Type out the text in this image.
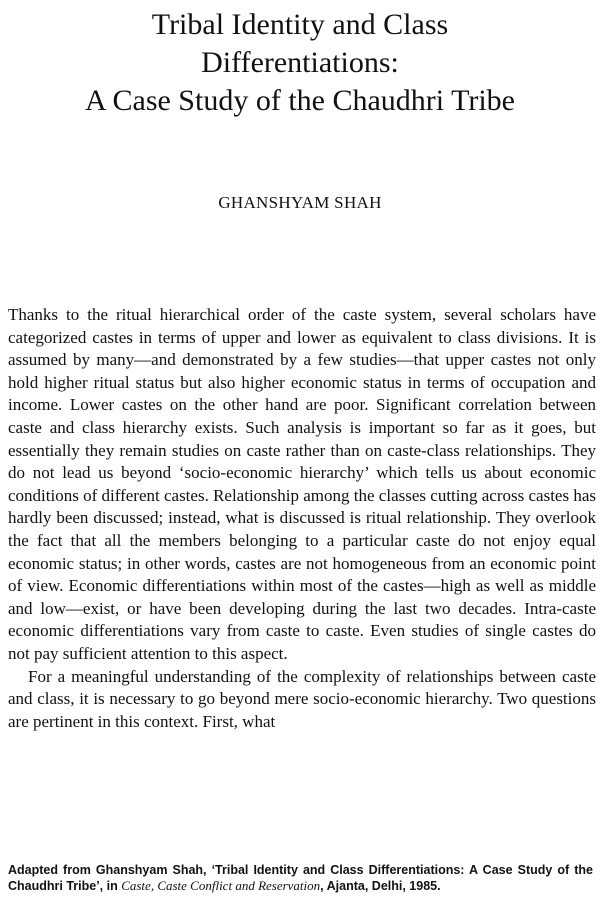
Tribal Identity and Class
Differentiations:
A Case Study of the Chaudhri Tribe
GHANSHYAM SHAH

Thanks to the ritual hierarchical order of the caste system, several scholars have categorized castes in terms of upper and lower as equivalent to class divisions. It is assumed by many—and demonstrated by a few studies—that upper castes not only hold higher ritual status but also higher economic status in terms of occupation and income. Lower castes on the other hand are poor. Significant correlation between caste and class hierarchy exists. Such analysis is important so far as it goes, but essentially they remain studies on caste rather than on caste-class relationships. They do not lead us beyond ‘socio-economic hierarchy’ which tells us about economic conditions of different castes. Relationship among the classes cutting across castes has hardly been discussed; instead, what is discussed is ritual relationship. They overlook the fact that all the members belonging to a particular caste do not enjoy equal economic status; in other words, castes are not homogeneous from an economic point of view. Economic differentiations within most of the castes—high as well as middle and low—exist, or have been developing during the last two decades. Intra-caste economic differentiations vary from caste to caste. Even studies of single castes do not pay sufficient attention to this aspect.

For a meaningful understanding of the complexity of relationships between caste and class, it is necessary to go beyond mere socio-economic hierarchy. Two questions are pertinent in this context. First, what

Adapted from Ghanshyam Shah, ‘Tribal Identity and Class Differentiations: A Case Study of the Chaudhri Tribe’, in Caste, Caste Conflict and Reservation, Ajanta, Delhi, 1985.
